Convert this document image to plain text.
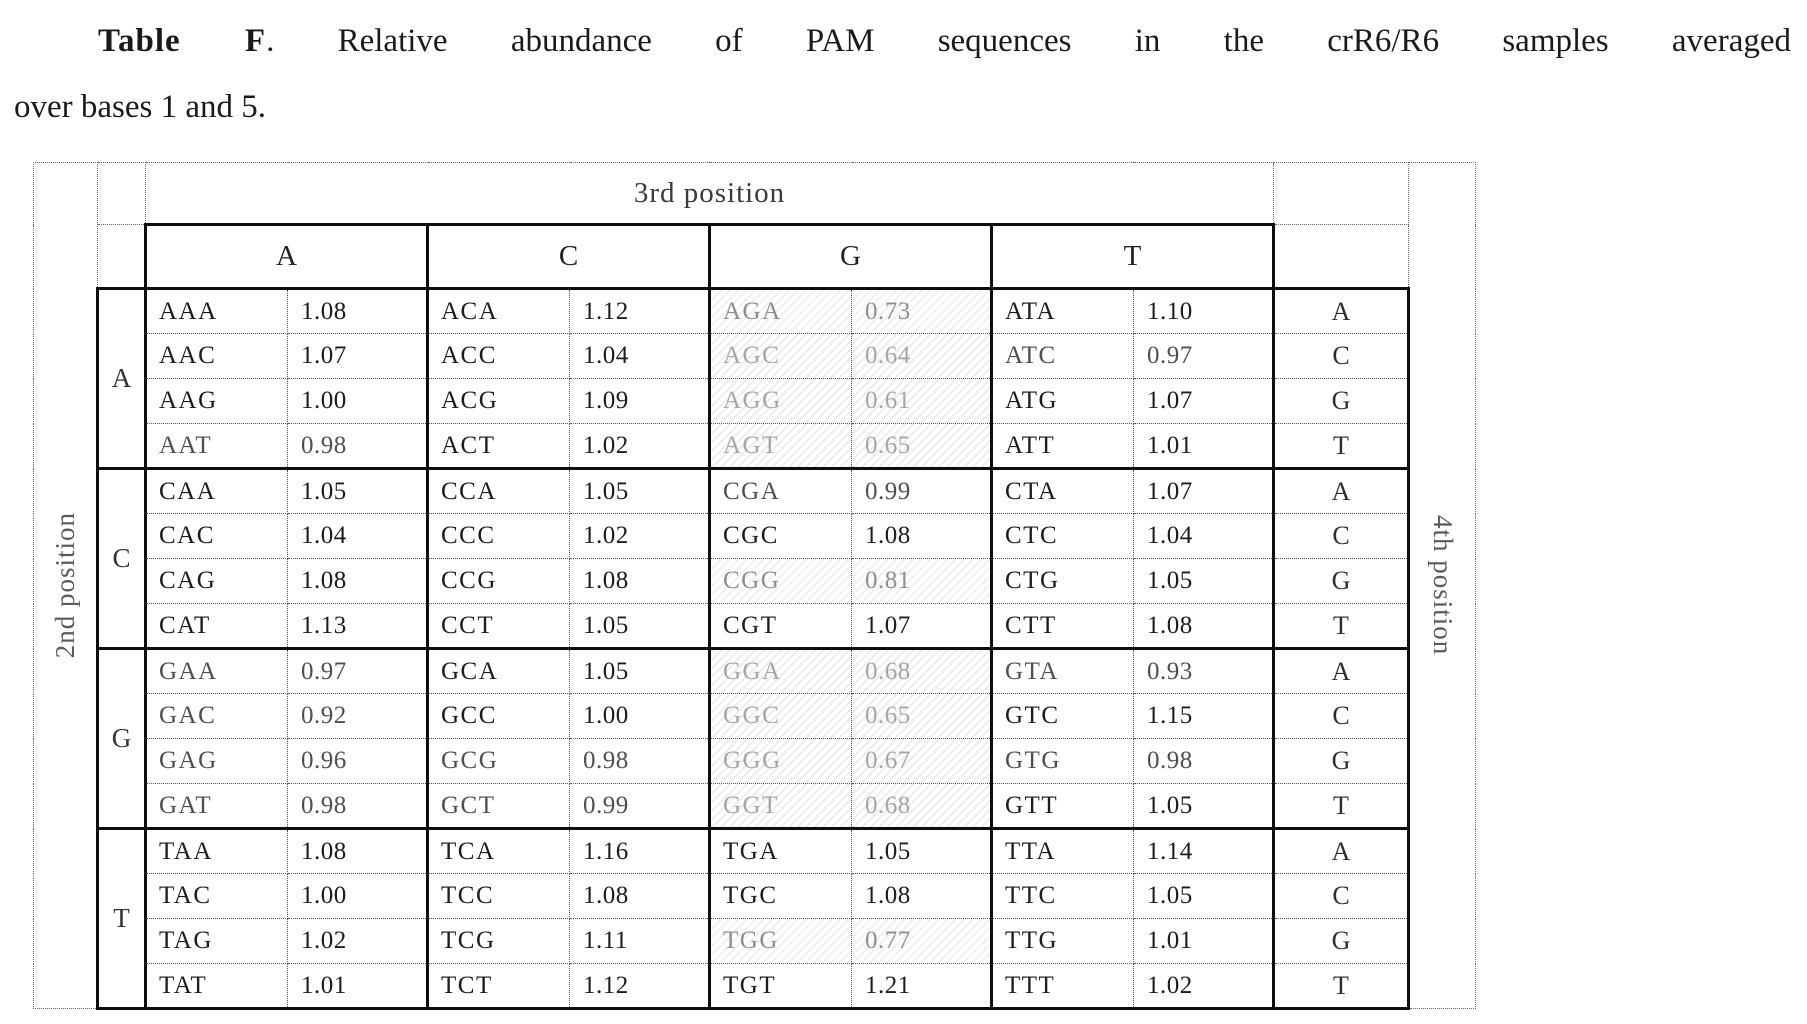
Table F. Relative abundance of PAM sequences in the crR6/R6 samples averaged
over bases 1 and 5.
2nd position		3rd position									4th position

		A		C		G		T			
	A	AAA	1.08	ACA	1.12	AGA	0.73	ATA	1.10	A	
		AAC	1.07	ACC	1.04	AGC	0.64	ATC	0.97	C	
		AAG	1.00	ACG	1.09	AGG	0.61	ATG	1.07	G	
		AAT	0.98	ACT	1.02	AGT	0.65	ATT	1.01	T	
	C	CAA	1.05	CCA	1.05	CGA	0.99	CTA	1.07	A	
		CAC	1.04	CCC	1.02	CGC	1.08	CTC	1.04	C	
		CAG	1.08	CCG	1.08	CGG	0.81	CTG	1.05	G	
		CAT	1.13	CCT	1.05	CGT	1.07	CTT	1.08	T	
	G	GAA	0.97	GCA	1.05	GGA	0.68	GTA	0.93	A	
		GAC	0.92	GCC	1.00	GGC	0.65	GTC	1.15	C	
		GAG	0.96	GCG	0.98	GGG	0.67	GTG	0.98	G	
		GAT	0.98	GCT	0.99	GGT	0.68	GTT	1.05	T	
	T	TAA	1.08	TCA	1.16	TGA	1.05	TTA	1.14	A	
		TAC	1.00	TCC	1.08	TGC	1.08	TTC	1.05	C	
		TAG	1.02	TCG	1.11	TGG	0.77	TTG	1.01	G	
		TAT	1.01	TCT	1.12	TGT	1.21	TTT	1.02	T	
